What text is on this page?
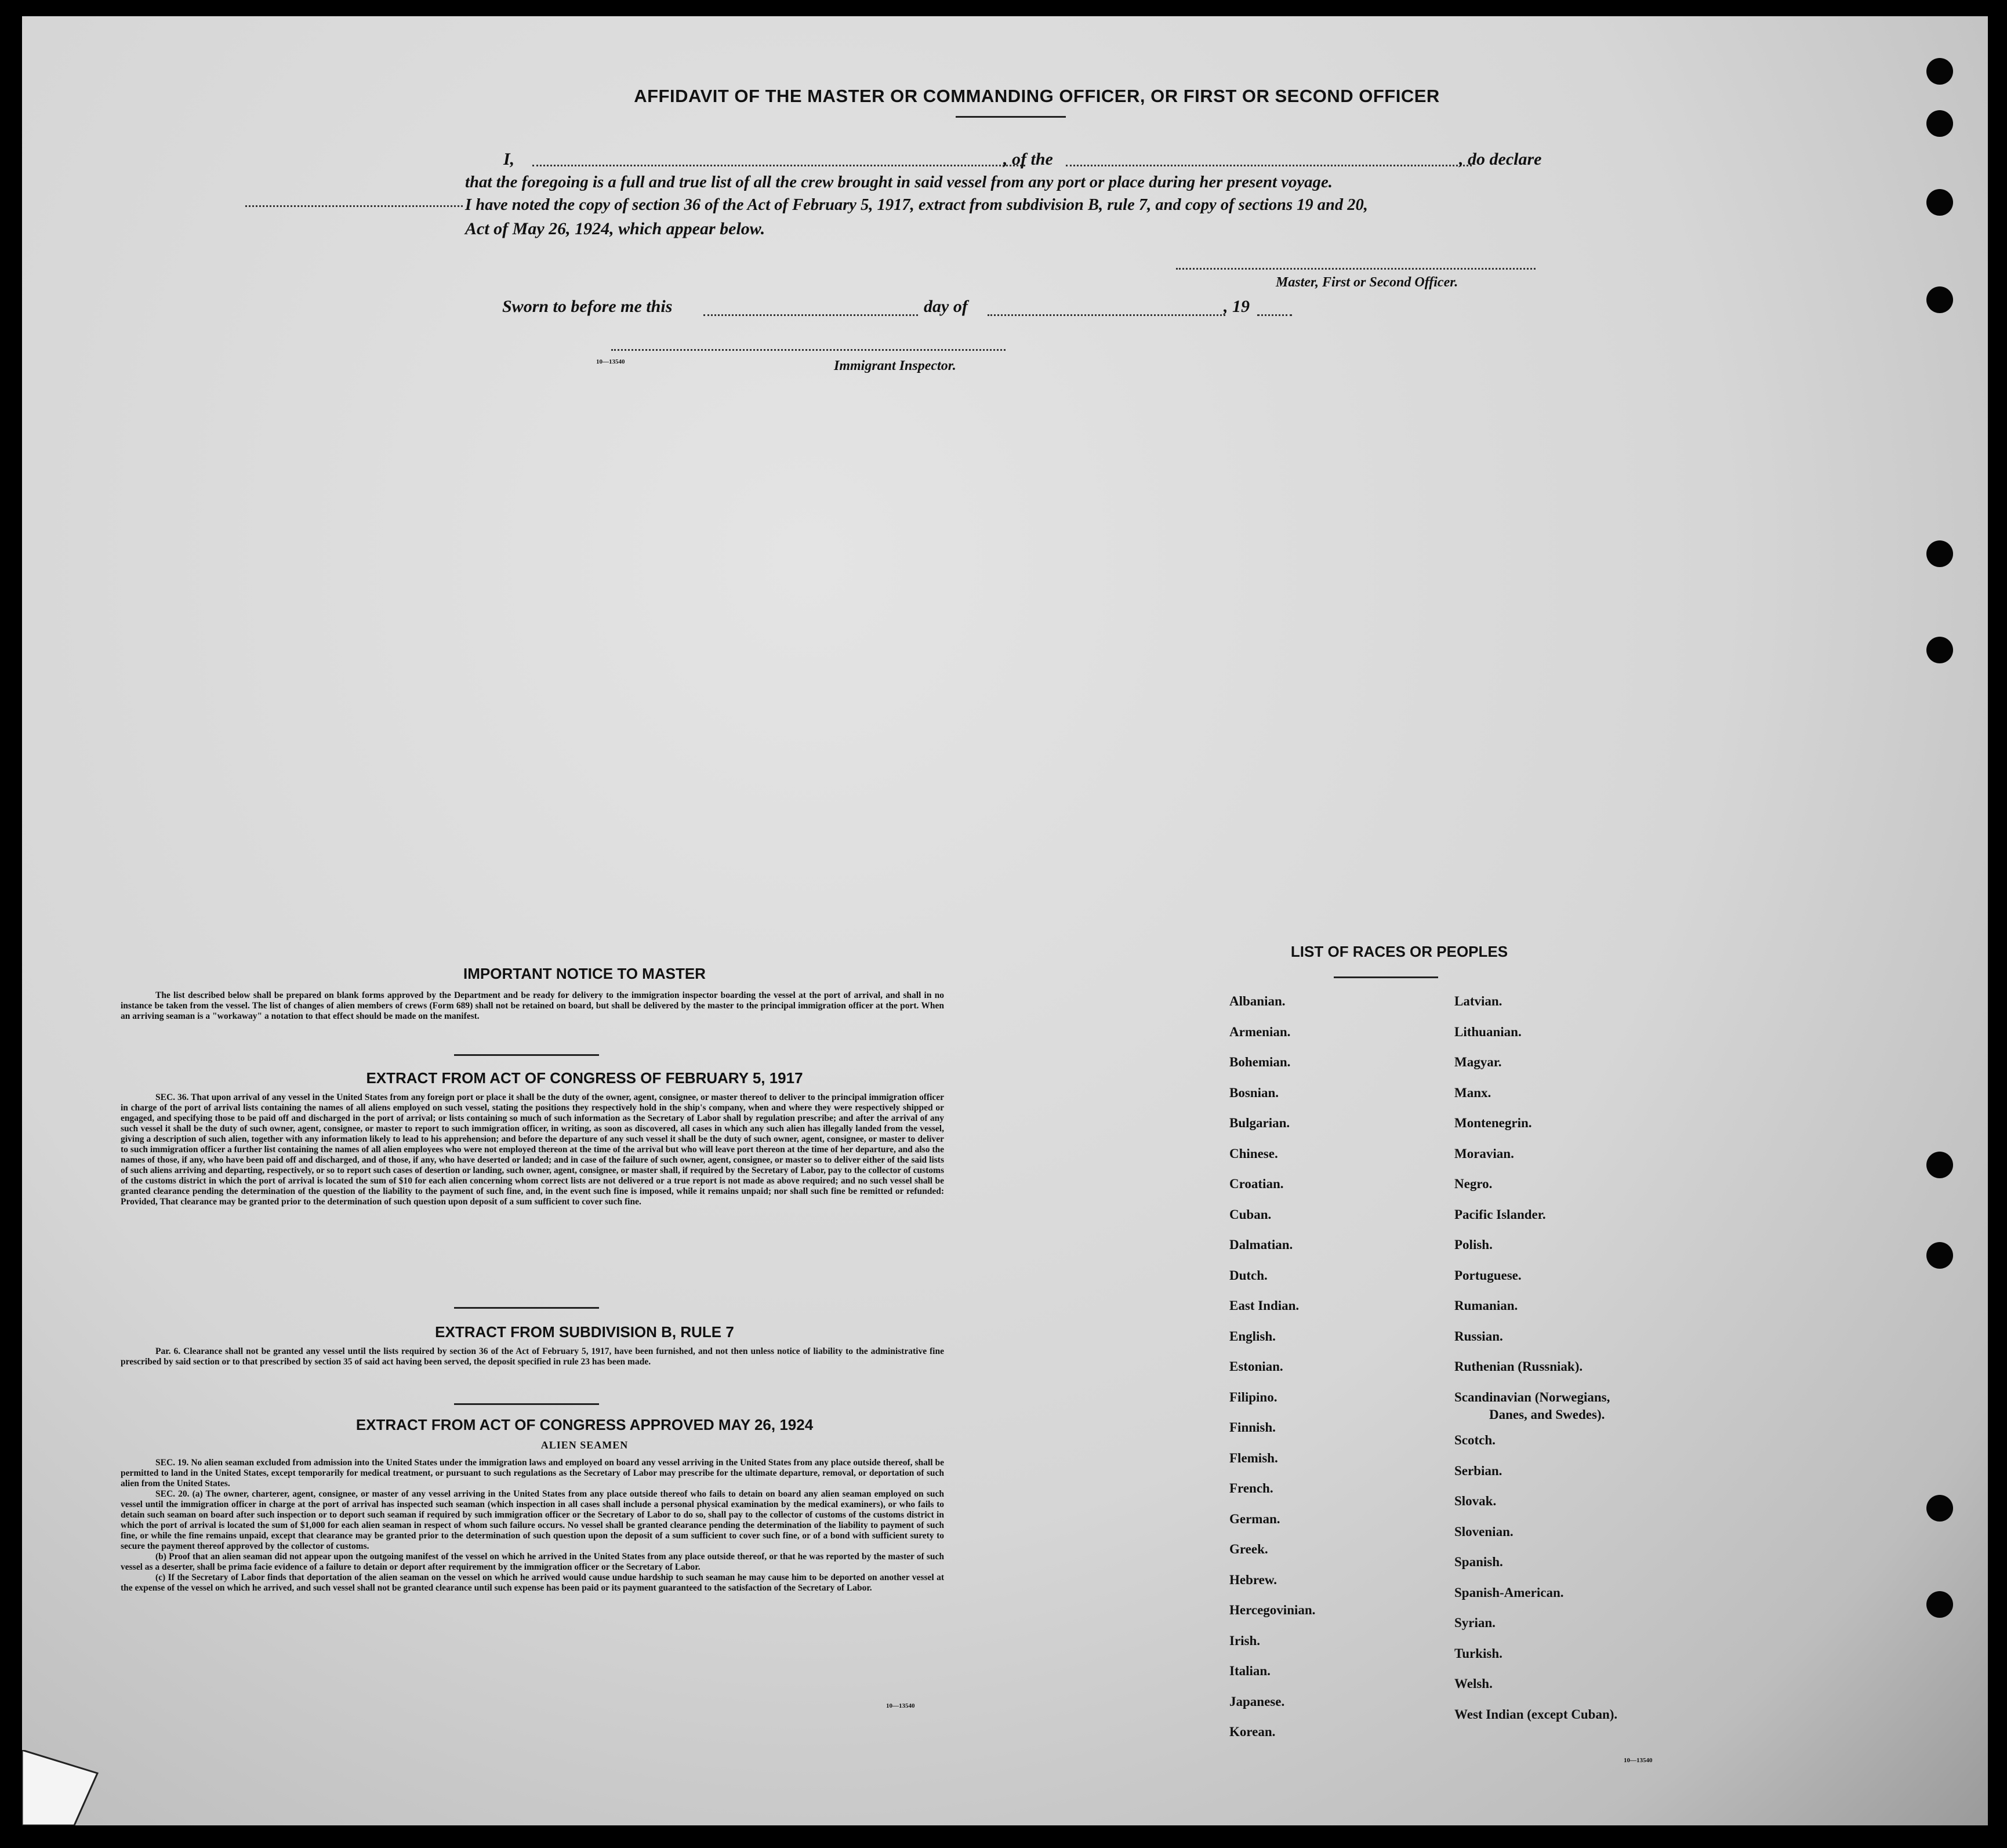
AFFIDAVIT OF THE MASTER OR COMMANDING OFFICER, OR FIRST OR SECOND OFFICER
I,	, of the	, do declare
that the foregoing is a full and true list of all the crew brought in said vessel from any port or place during her present voyage.
I have noted the copy of section 36 of the Act of February 5, 1917, extract from subdivision B, rule 7, and copy of sections 19 and 20,
Act of May 26, 1924, which appear below.
Master, First or Second Officer.
Sworn to before me this	day of	, 19
10—13540	Immigrant Inspector.
IMPORTANT NOTICE TO MASTER

The list described below shall be prepared on blank forms approved by the Department and be ready for delivery to the immigration inspector boarding the vessel at the port of arrival, and shall in no instance be taken from the vessel. The list of changes of alien members of crews (Form 689) shall not be retained on board, but shall be delivered by the master to the principal immigration officer at the port. When an arriving seaman is a "workaway" a notation to that effect should be made on the manifest.

EXTRACT FROM ACT OF CONGRESS OF FEBRUARY 5, 1917

SEC. 36. That upon arrival of any vessel in the United States from any foreign port or place it shall be the duty of the owner, agent, consignee, or master thereof to deliver to the principal immigration officer in charge of the port of arrival lists containing the names of all aliens employed on such vessel, stating the positions they respectively hold in the ship's company, when and where they were respectively shipped or engaged, and specifying those to be paid off and discharged in the port of arrival; or lists containing so much of such information as the Secretary of Labor shall by regulation prescribe; and after the arrival of any such vessel it shall be the duty of such owner, agent, consignee, or master to report to such immigration officer, in writing, as soon as discovered, all cases in which any such alien has illegally landed from the vessel, giving a description of such alien, together with any information likely to lead to his apprehension; and before the departure of any such vessel it shall be the duty of such owner, agent, consignee, or master to deliver to such immigration officer a further list containing the names of all alien employees who were not employed thereon at the time of the arrival but who will leave port thereon at the time of her departure, and also the names of those, if any, who have been paid off and discharged, and of those, if any, who have deserted or landed; and in case of the failure of such owner, agent, consignee, or master so to deliver either of the said lists of such aliens arriving and departing, respectively, or so to report such cases of desertion or landing, such owner, agent, consignee, or master shall, if required by the Secretary of Labor, pay to the collector of customs of the customs district in which the port of arrival is located the sum of $10 for each alien concerning whom correct lists are not delivered or a true report is not made as above required; and no such vessel shall be granted clearance pending the determination of the question of the liability to the payment of such fine, and, in the event such fine is imposed, while it remains unpaid; nor shall such fine be remitted or refunded: Provided, That clearance may be granted prior to the determination of such question upon deposit of a sum sufficient to cover such fine.

EXTRACT FROM SUBDIVISION B, RULE 7

Par. 6. Clearance shall not be granted any vessel until the lists required by section 36 of the Act of February 5, 1917, have been furnished, and not then unless notice of liability to the administrative fine prescribed by said section or to that prescribed by section 35 of said act having been served, the deposit specified in rule 23 has been made.

EXTRACT FROM ACT OF CONGRESS APPROVED MAY 26, 1924
ALIEN SEAMEN

SEC. 19. No alien seaman excluded from admission into the United States under the immigration laws and employed on board any vessel arriving in the United States from any place outside thereof, shall be permitted to land in the United States, except temporarily for medical treatment, or pursuant to such regulations as the Secretary of Labor may prescribe for the ultimate departure, removal, or deportation of such alien from the United States.

SEC. 20. (a) The owner, charterer, agent, consignee, or master of any vessel arriving in the United States from any place outside thereof who fails to detain on board any alien seaman employed on such vessel until the immigration officer in charge at the port of arrival has inspected such seaman (which inspection in all cases shall include a personal physical examination by the medical examiners), or who fails to detain such seaman on board after such inspection or to deport such seaman if required by such immigration officer or the Secretary of Labor to do so, shall pay to the collector of customs of the customs district in which the port of arrival is located the sum of $1,000 for each alien seaman in respect of whom such failure occurs. No vessel shall be granted clearance pending the determination of the liability to payment of such fine, or while the fine remains unpaid, except that clearance may be granted prior to the determination of such question upon the deposit of a sum sufficient to cover such fine, or of a bond with sufficient surety to secure the payment thereof approved by the collector of customs.

(b) Proof that an alien seaman did not appear upon the outgoing manifest of the vessel on which he arrived in the United States from any place outside thereof, or that he was reported by the master of such vessel as a deserter, shall be prima facie evidence of a failure to detain or deport after requirement by the immigration officer or the Secretary of Labor.

(c) If the Secretary of Labor finds that deportation of the alien seaman on the vessel on which he arrived would cause undue hardship to such seaman he may cause him to be deported on another vessel at the expense of the vessel on which he arrived, and such vessel shall not be granted clearance until such expense has been paid or its payment guaranteed to the satisfaction of the Secretary of Labor.

10—13540
LIST OF RACES OR PEOPLES
10—13540
Albanian.
Armenian.
Bohemian.
Bosnian.
Bulgarian.
Chinese.
Croatian.
Cuban.
Dalmatian.
Dutch.
East Indian.
English.
Estonian.
Filipino.
Finnish.
Flemish.
French.
German.
Greek.
Hebrew.
Hercegovinian.
Irish.
Italian.
Japanese.
Korean.
Latvian.
Lithuanian.
Magyar.
Manx.
Montenegrin.
Moravian.
Negro.
Pacific Islander.
Polish.
Portuguese.
Rumanian.
Russian.
Ruthenian (Russniak).
Scandinavian (Norwegians,
Danes, and Swedes).
Scotch.
Serbian.
Slovak.
Slovenian.
Spanish.
Spanish-American.
Syrian.
Turkish.
Welsh.
West Indian (except Cuban).
